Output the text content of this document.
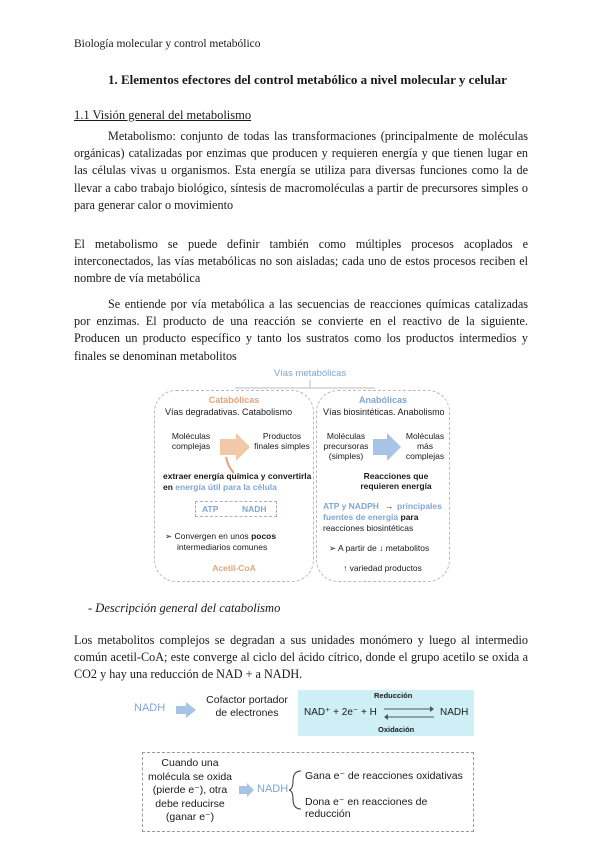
Biología molecular y control metabólico
1. Elementos efectores del control metabólico a nivel molecular y celular
1.1 Visión general del metabolismo
Metabolismo: conjunto de todas las transformaciones (principalmente de moléculas orgánicas) catalizadas por enzimas que producen y requieren energía y que tienen lugar en las células vivas u organismos. Esta energía se utiliza para diversas funciones como la de llevar a cabo trabajo biológico, síntesis de macromoléculas a partir de precursores simples o para generar calor o movimiento
El metabolismo se puede definir también como múltiples procesos acoplados e interconectados, las vías metabólicas no son aisladas; cada uno de estos procesos reciben el nombre de vía metabólica
Se entiende por vía metabólica a las secuencias de reacciones químicas catalizadas por enzimas. El producto de una reacción se convierte en el reactivo de la siguiente. Producen un producto específico y tanto los sustratos como los productos intermedios y finales se denominan metabolitos
Vías metabólicas
Catabólicas
Vías degradativas. Catabolismo
Moléculas complejas
Productos finales simples
extraer energía química y convertirla
en energía útil para la célula
ATP	NADH
➢ Convergen en unos pocos
intermediarios comunes
Acetil-CoA
Anabólicas
Vías biosintéticas. Anabolismo
Moléculas precursoras (simples)
Moléculas más complejas
Reacciones que requieren energía
ATP y NADPH → principales
fuentes de energía para
reacciones biosintéticas
➢ A partir de ↓ metabolitos
↑ variedad productos
- Descripción general del catabolismo
Los metabolitos complejos se degradan a sus unidades monómero y luego al intermedio común acetil-CoA; este converge al ciclo del ácido cítrico, donde el grupo acetilo se oxida a CO2 y hay una reducción de NAD + a NADH.
NADH
Cofactor portador de electrones
Reducción
NAD⁺ + 2e⁻ + H ⇌ NADH
Oxidación
Cuando una molécula se oxida (pierde e⁻), otra debe reducirse (ganar e⁻)
NADH
Gana e⁻ de reacciones oxidativas
Dona e⁻ en reacciones de reducción
